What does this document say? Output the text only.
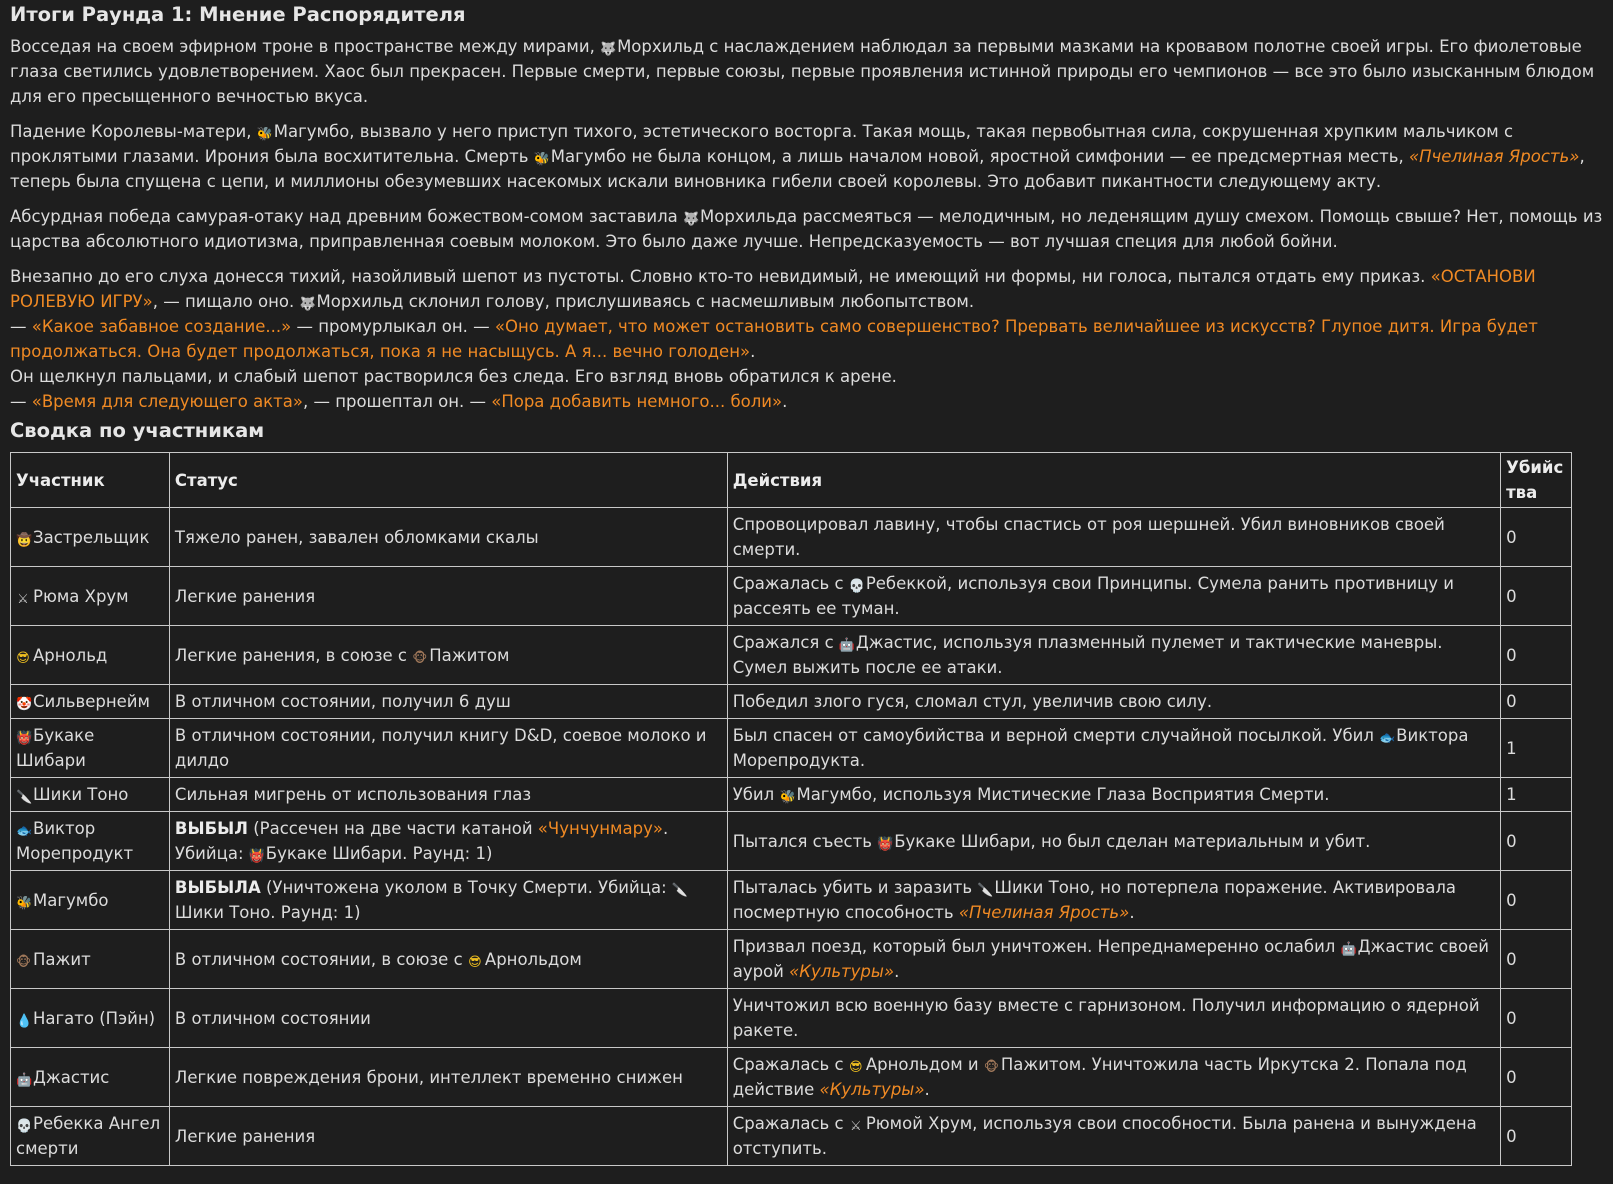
Итоги Раунда 1: Мнение Распорядителя

Восседая на своем эфирном троне в пространстве между мирами, 🐺Морхильд с наслаждением наблюдал за первыми мазками на кровавом полотне своей игры. Его фиолетовые глаза светились удовлетворением. Хаос был прекрасен. Первые смерти, первые союзы, первые проявления истинной природы его чемпионов — все это было изысканным блюдом для его пресыщенного вечностью вкуса.

Падение Королевы-матери, 🐝Магумбо, вызвало у него приступ тихого, эстетического восторга. Такая мощь, такая первобытная сила, сокрушенная хрупким мальчиком с проклятыми глазами. Ирония была восхитительна. Смерть 🐝Магумбо не была концом, а лишь началом новой, яростной симфонии — ее предсмертная месть, «Пчелиная Ярость», теперь была спущена с цепи, и миллионы обезумевших насекомых искали виновника гибели своей королевы. Это добавит пикантности следующему акту.

Абсурдная победа самурая-отаку над древним божеством-сомом заставила 🐺Морхильда рассмеяться — мелодичным, но леденящим душу смехом. Помощь свыше? Нет, помощь из царства абсолютного идиотизма, приправленная соевым молоком. Это было даже лучше. Непредсказуемость — вот лучшая специя для любой бойни.

Внезапно до его слуха донесся тихий, назойливый шепот из пустоты. Словно кто-то невидимый, не имеющий ни формы, ни голоса, пытался отдать ему приказ. «ОСТАНОВИ РОЛЕВУЮ ИГРУ», — пищало оно. 🐺Морхильд склонил голову, прислушиваясь с насмешливым любопытством.
— «Какое забавное создание...» — промурлыкал он. — «Оно думает, что может остановить само совершенство? Прервать величайшее из искусств? Глупое дитя. Игра будет продолжаться. Она будет продолжаться, пока я не насыщусь. А я... вечно голоден».
Он щелкнул пальцами, и слабый шепот растворился без следа. Его взгляд вновь обратился к арене.
— «Время для следующего акта», — прошептал он. — «Пора добавить немного... боли».

Сводка по участникам
Участник	Статус	Действия	Убийства
🤠Застрельщик	Тяжело ранен, завален обломками скалы	Спровоцировал лавину, чтобы спастись от роя шершней. Убил виновников своей смерти.	0
⚔ Рюма Хрум	Легкие ранения	Сражалась с 💀Ребеккой, используя свои Принципы. Сумела ранить противницу и рассеять ее туман.	0
😎 Арнольд	Легкие ранения, в союзе с 🐵 Пажитом	Сражался с 🤖Джастис, используя плазменный пулемет и тактические маневры. Сумел выжить после ее атаки.	0
🤡Сильвернейм	В отличном состоянии, получил 6 душ	Победил злого гуся, сломал стул, увеличив свою силу.	0
👹Букаке Шибари	В отличном состоянии, получил книгу D&D, соевое молоко и дилдо	Был спасен от самоубийства и верной смерти случайной посылкой. Убил 🐟Виктора Морепродукта.	1
🔪Шики Тоно	Сильная мигрень от использования глаз	Убил 🐝Магумбо, используя Мистические Глаза Восприятия Смерти.	1
🐟Виктор Морепродукт	ВЫБЫЛ (Рассечен на две части катаной «Чунчунмару». Убийца: 👹Букаке Шибари. Раунд: 1)	Пытался съесть 👹Букаке Шибари, но был сделан материальным и убит.	0
🐝Магумбо	ВЫБЫЛА (Уничтожена уколом в Точку Смерти. Убийца: 🔪Шики Тоно. Раунд: 1)	Пыталась убить и заразить 🔪Шики Тоно, но потерпела поражение. Активировала посмертную способность «Пчелиная Ярость».	0
🐵 Пажит	В отличном состоянии, в союзе с 😎 Арнольдом	Призвал поезд, который был уничтожен. Непреднамеренно ослабил 🤖Джастис своей аурой «Культуры».	0
💧Нагато (Пэйн)	В отличном состоянии	Уничтожил всю военную базу вместе с гарнизоном. Получил информацию о ядерной ракете.	0
🤖Джастис	Легкие повреждения брони, интеллект временно снижен	Сражалась с 😎 Арнольдом и 🐵 Пажитом. Уничтожила часть Иркутска 2. Попала под действие «Культуры».	0
💀Ребекка Ангел смерти	Легкие ранения	Сражалась с ⚔ Рюмой Хрум, используя свои способности. Была ранена и вынуждена отступить.	0
